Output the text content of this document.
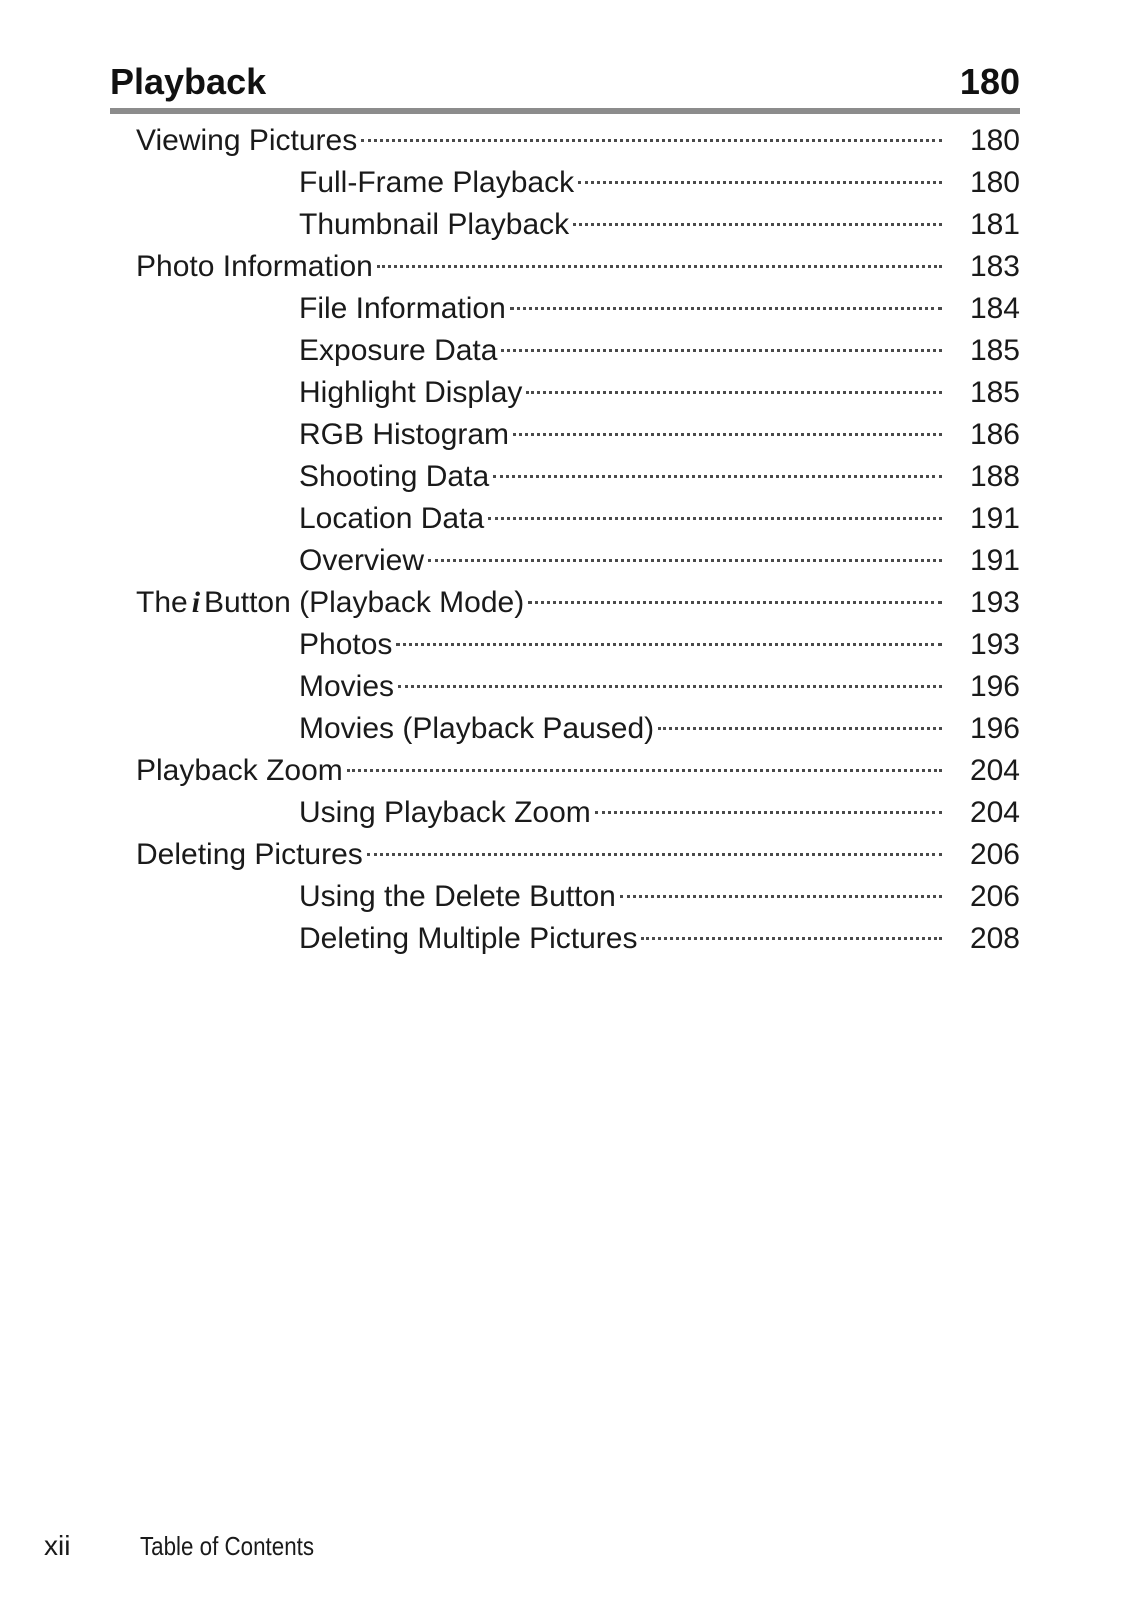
Playback	180
Viewing Pictures	180
Full-Frame Playback	180
Thumbnail Playback	181
Photo Information	183
File Information	184
Exposure Data	185
Highlight Display	185
RGB Histogram	186
Shooting Data	188
Location Data	191
Overview	191
The i Button (Playback Mode)	193
Photos	193
Movies	196
Movies (Playback Paused)	196
Playback Zoom	204
Using Playback Zoom	204
Deleting Pictures	206
Using the Delete Button	206
Deleting Multiple Pictures	208
xii	Table of Contents
